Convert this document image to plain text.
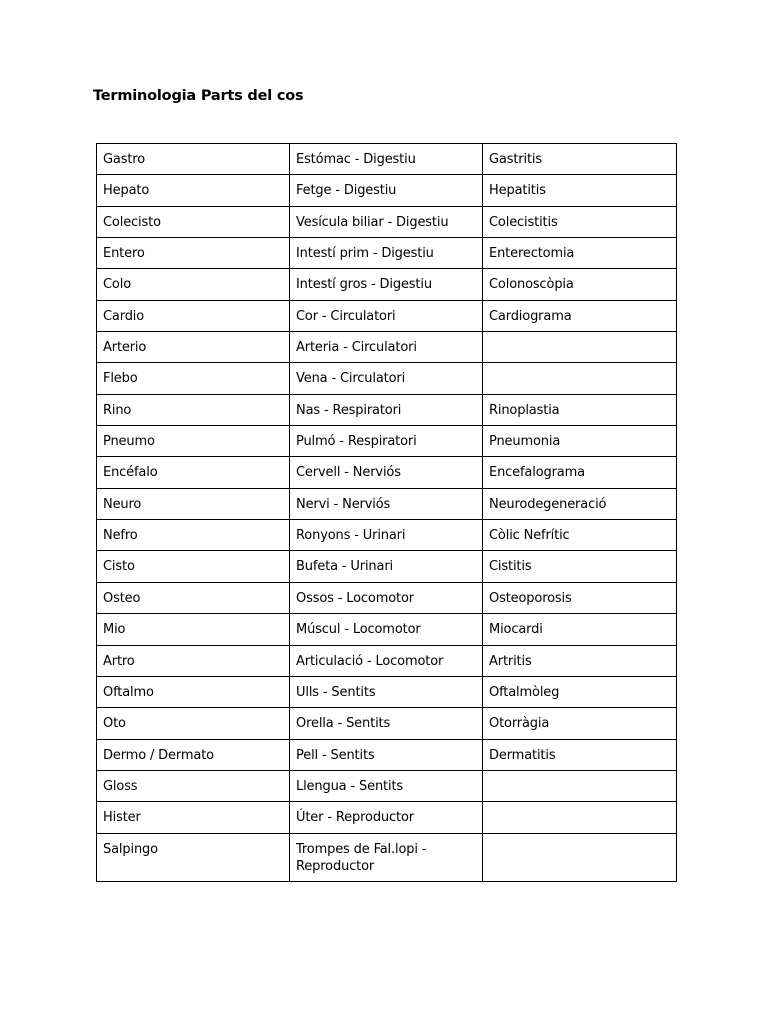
Terminologia Parts del cos
Gastro	Estómac - Digestiu	Gastritis
Hepato	Fetge - Digestiu	Hepatitis
Colecisto	Vesícula biliar - Digestiu	Colecistitis
Entero	Intestí prim - Digestiu	Enterectomia
Colo	Intestí gros - Digestiu	Colonoscòpia
Cardio	Cor - Circulatori	Cardiograma
Arterio	Arteria - Circulatori	
Flebo	Vena - Circulatori	
Rino	Nas - Respiratori	Rinoplastia
Pneumo	Pulmó - Respiratori	Pneumonia
Encéfalo	Cervell - Nerviós	Encefalograma
Neuro	Nervi - Nerviós	Neurodegeneració
Nefro	Ronyons - Urinari	Còlic Nefrític
Cisto	Bufeta - Urinari	Cistitis
Osteo	Ossos - Locomotor	Osteoporosis
Mio	Múscul - Locomotor	Miocardi
Artro	Articulació - Locomotor	Artritis
Oftalmo	Ulls - Sentits	Oftalmòleg
Oto	Orella - Sentits	Otorràgia
Dermo / Dermato	Pell - Sentits	Dermatitis
Gloss	Llengua - Sentits	
Hister	Úter - Reproductor	
Salpingo	Trompes de Fal.lopi - Reproductor	
